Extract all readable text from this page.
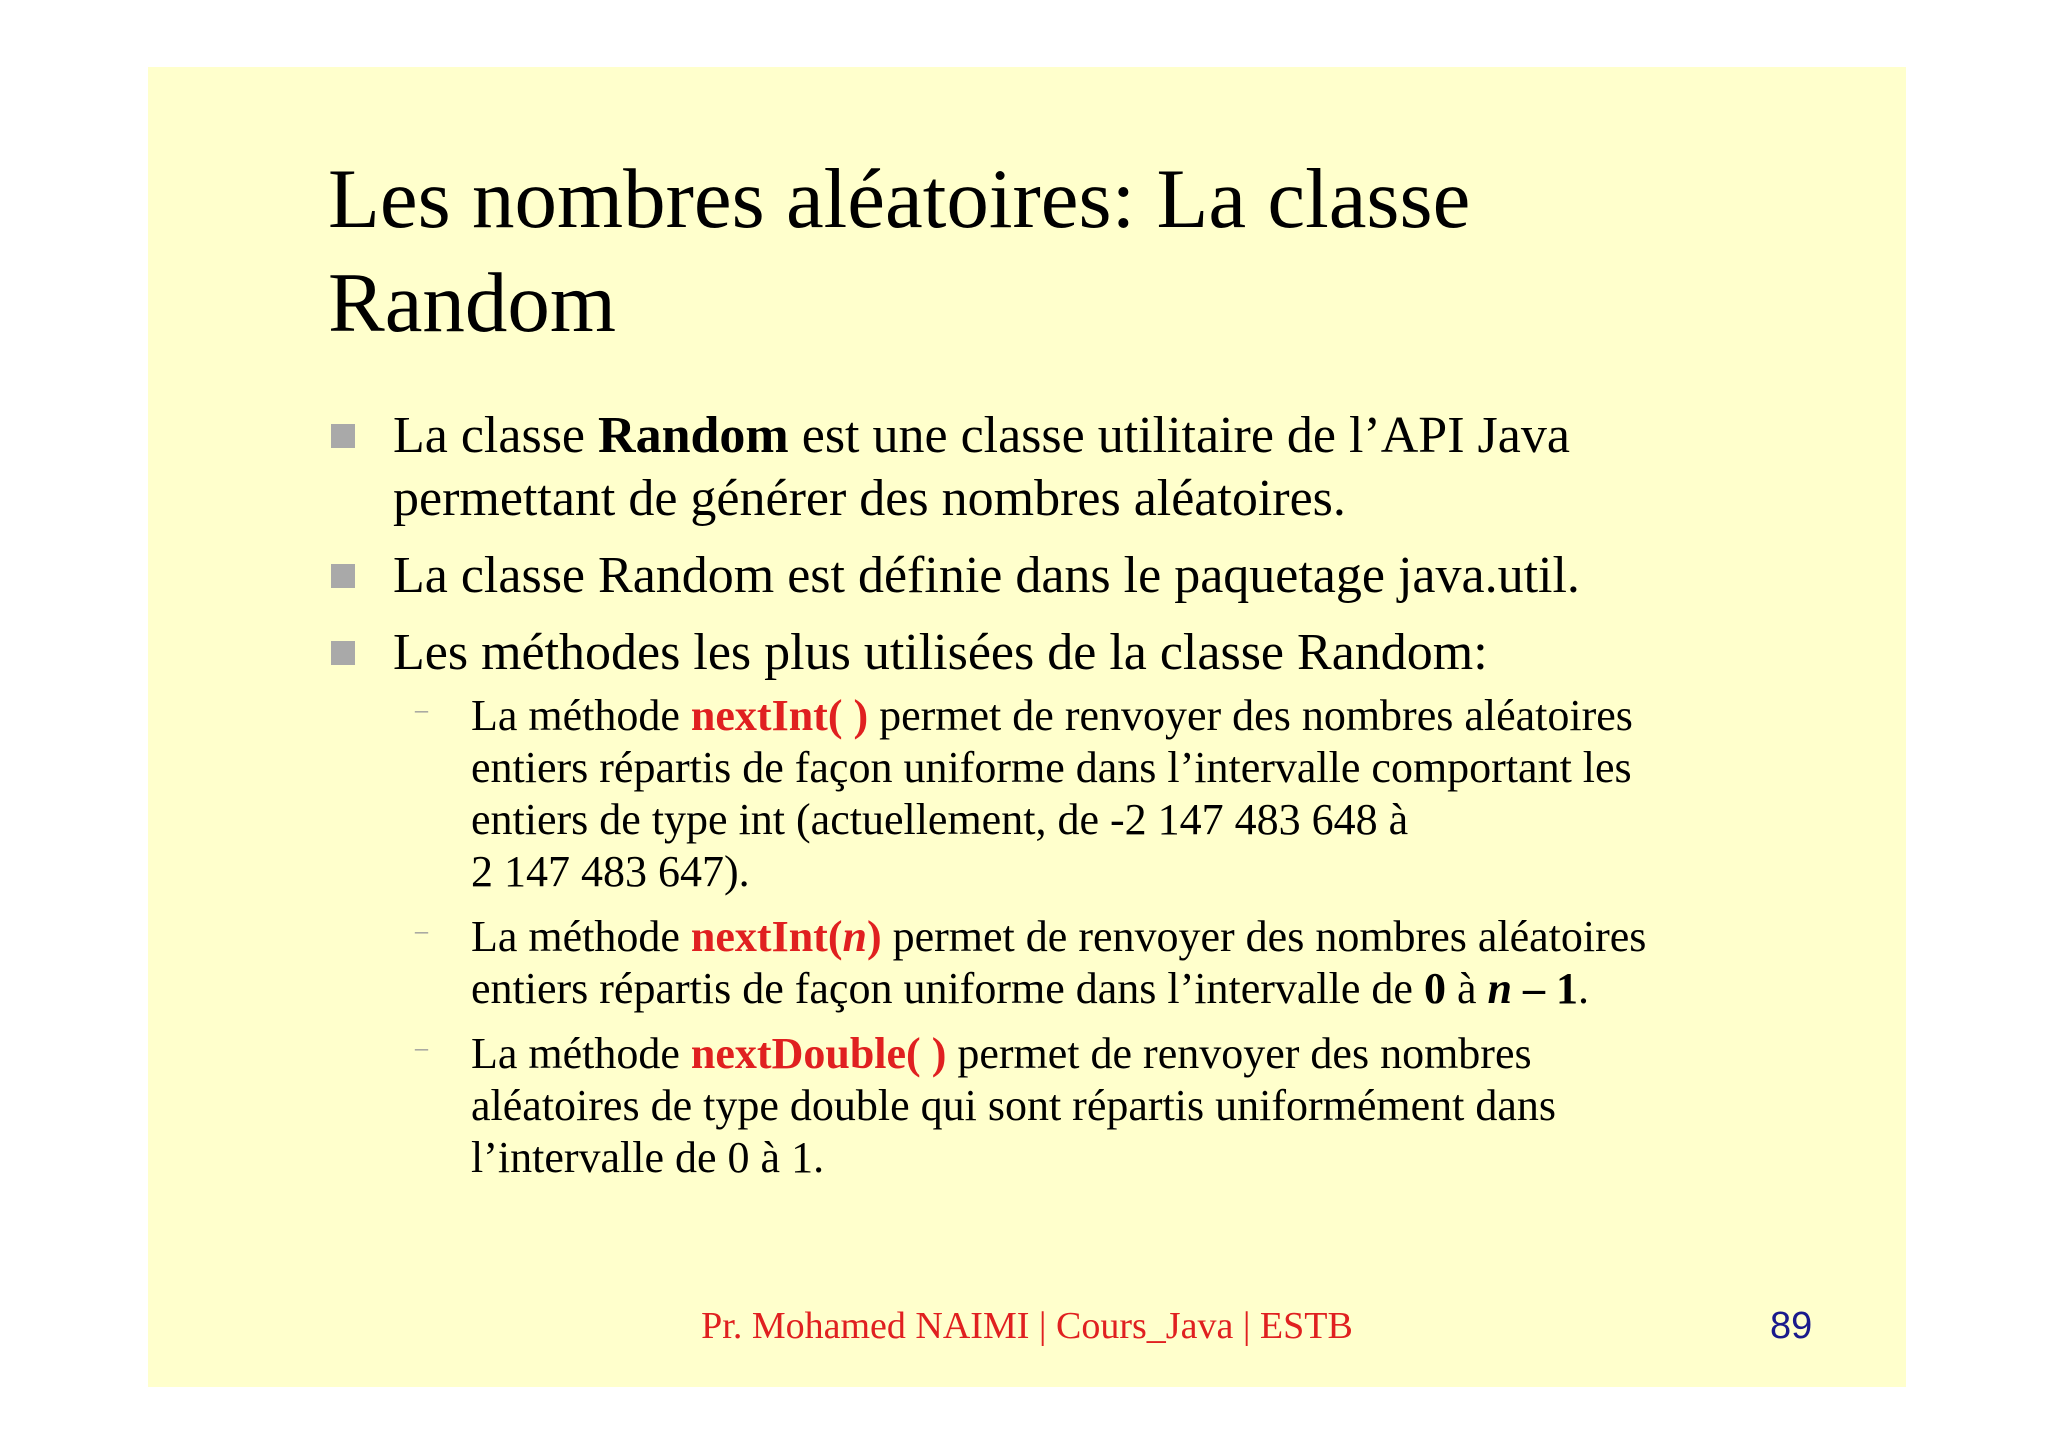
Les nombres aléatoires: La classe
Random
La classe Random est une classe utilitaire de l’API Java
permettant de générer des nombres aléatoires.
La classe Random est définie dans le paquetage java.util.
Les méthodes les plus utilisées de la classe Random:
– La méthode nextInt( ) permet de renvoyer des nombres aléatoires
entiers répartis de façon uniforme dans l’intervalle comportant les
entiers de type int (actuellement, de -2 147 483 648 à
2 147 483 647).
– La méthode nextInt(n) permet de renvoyer des nombres aléatoires
entiers répartis de façon uniforme dans l’intervalle de 0 à n – 1.
– La méthode nextDouble( ) permet de renvoyer des nombres
aléatoires de type double qui sont répartis uniformément dans
l’intervalle de 0 à 1.
Pr. Mohamed NAIMI | Cours_Java | ESTB	89
